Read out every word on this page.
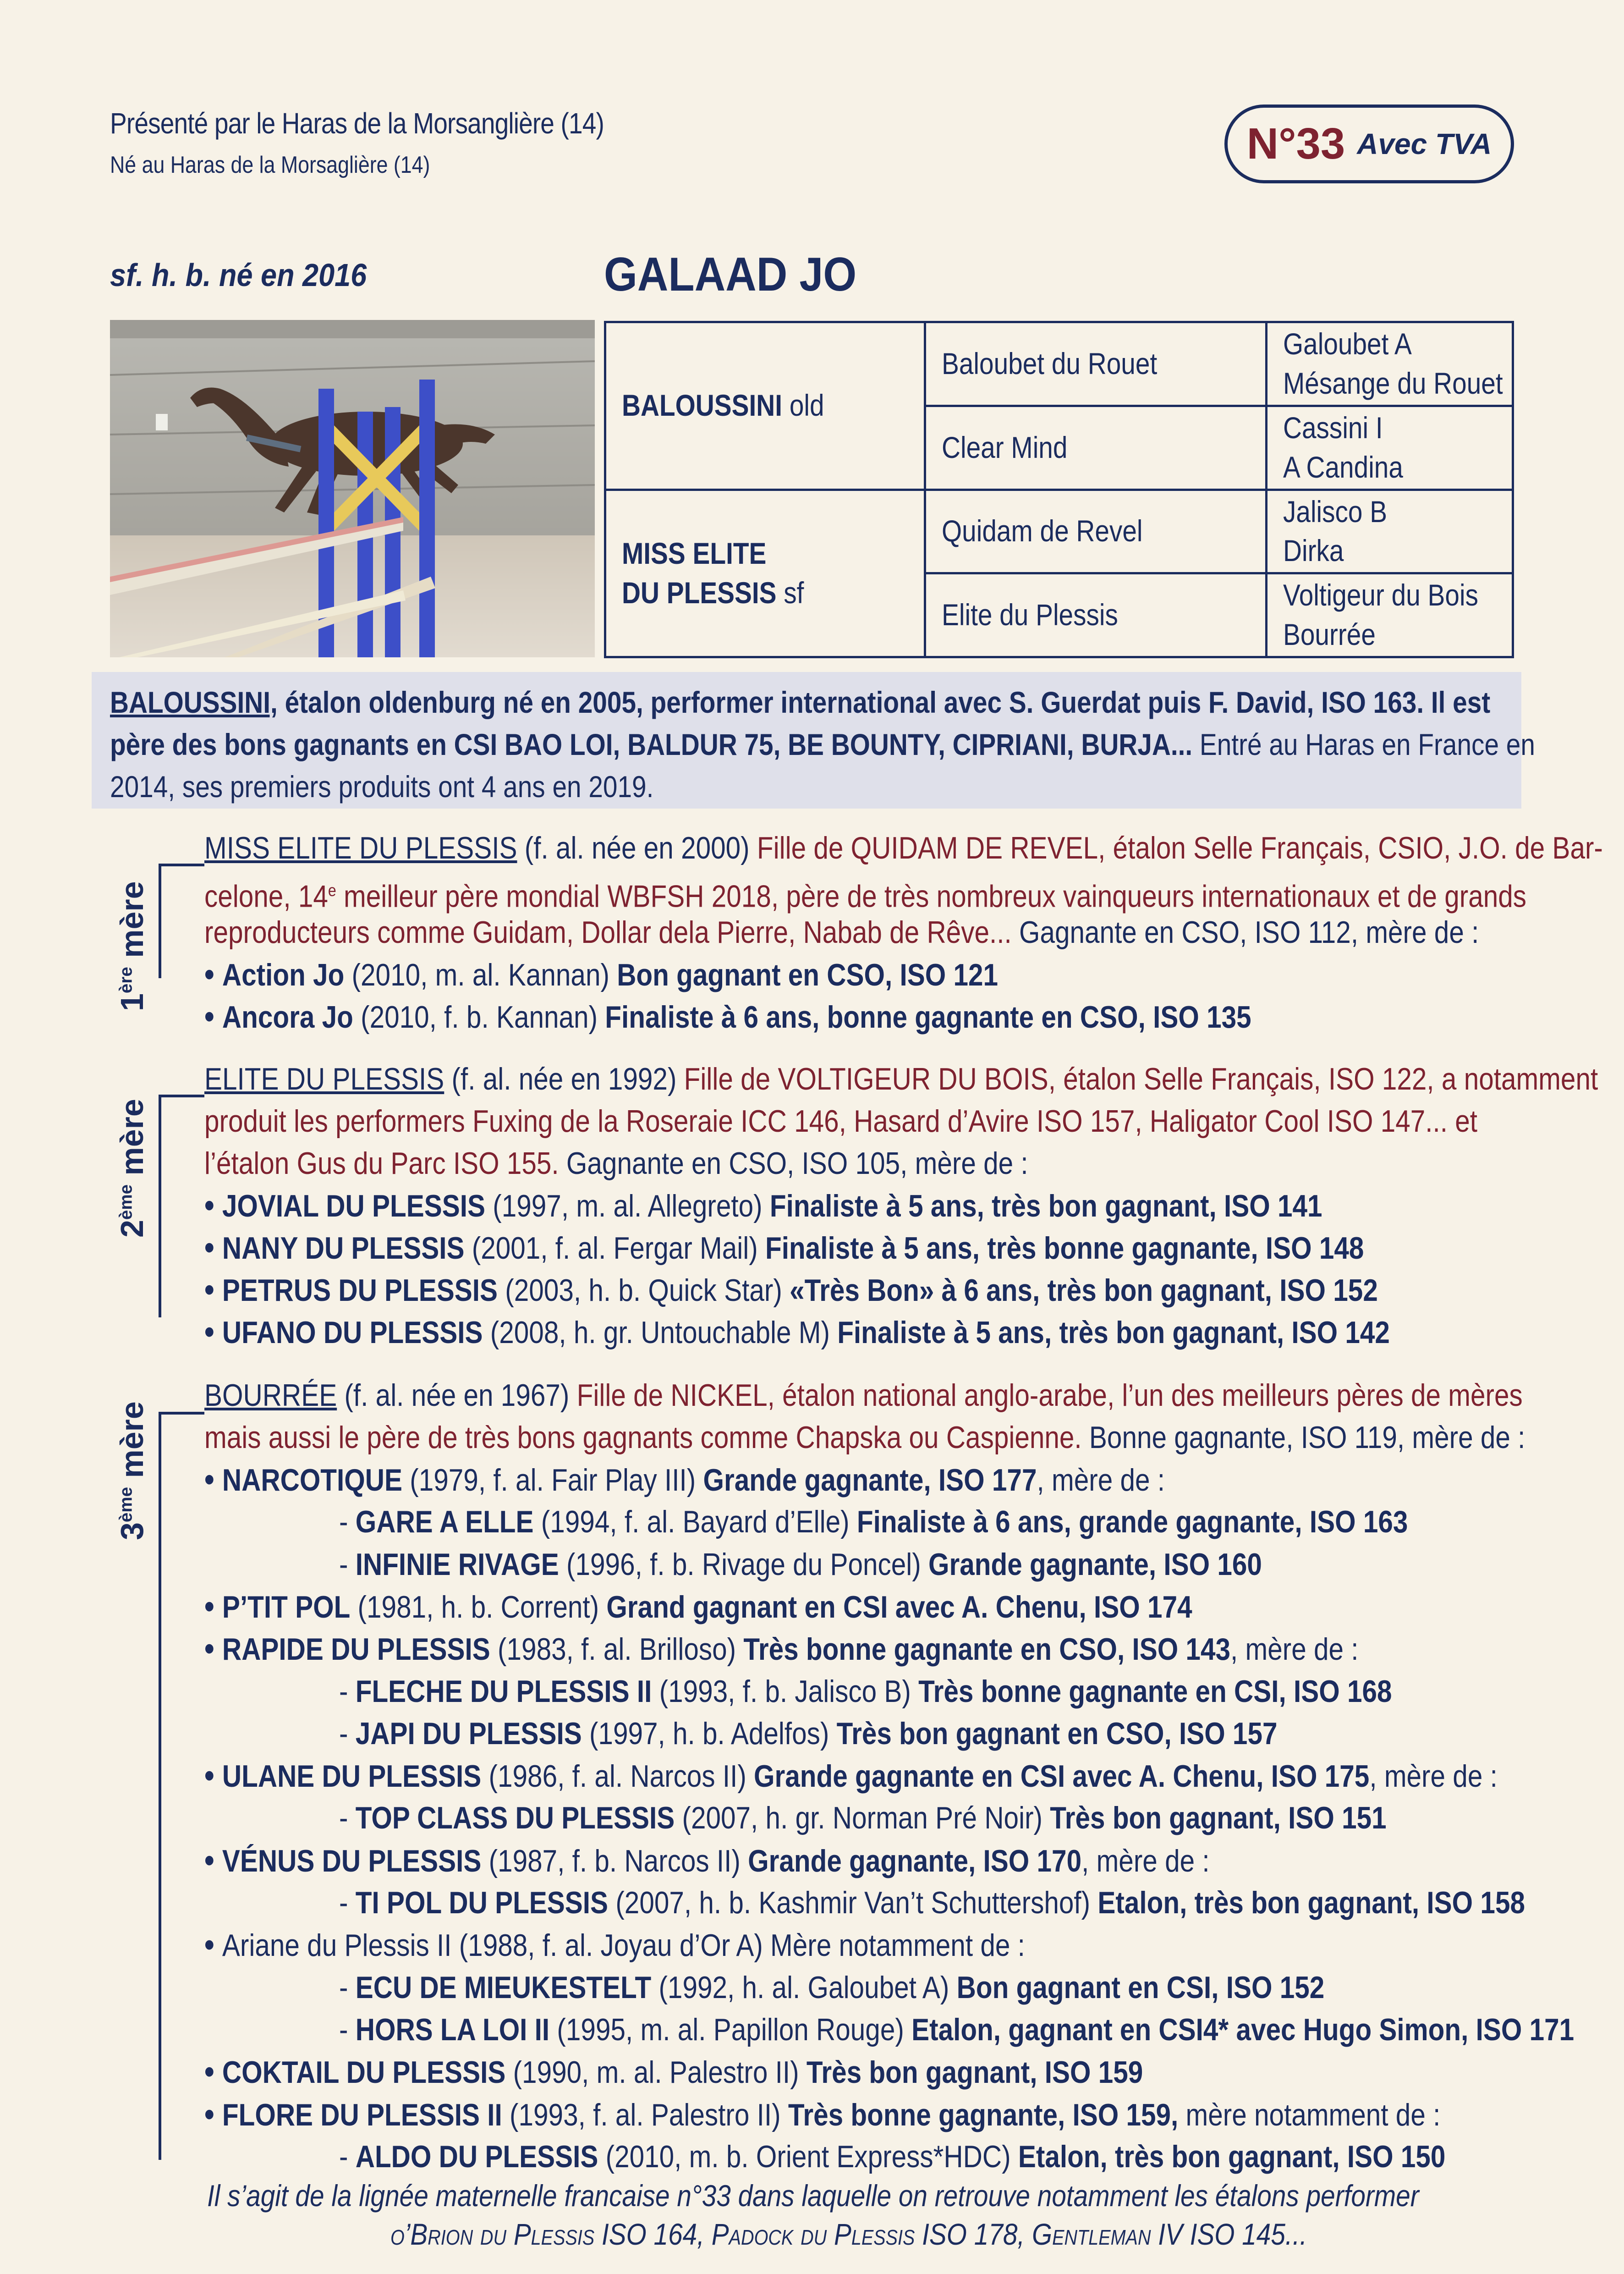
Présenté par le Haras de la Morsanglière (14)
Né au Haras de la Morsaglière (14)	N°33 Avec TVA
sf. h. b. né en 2016	GALAAD JO
BALOUSSINI old	Baloubet du Rouet	Galoubet A
Mésange du Rouet
	Clear Mind	Cassini I
A Candina
MISS ELITE
DU PLESSIS sf	Quidam de Revel	Jalisco B
Dirka
	Elite du Plessis	Voltigeur du Bois
Bourrée
BALOUSSINI, étalon oldenburg né en 2005, performer international avec S. Guerdat puis F. David, ISO 163. Il est
père des bons gagnants en CSI BAO LOI, BALDUR 75, BE BOUNTY, CIPRIANI, BURJA... Entré au Haras en France en
2014, ses premiers produits ont 4 ans en 2019.
1ère mère
MISS ELITE DU PLESSIS (f. al. née en 2000) Fille de QUIDAM DE REVEL, étalon Selle Français, CSIO, J.O. de Bar-
celone, 14e meilleur père mondial WBFSH 2018, père de très nombreux vainqueurs internationaux et de grands
reproducteurs comme Guidam, Dollar dela Pierre, Nabab de Rêve... Gagnante en CSO, ISO 112, mère de :
• Action Jo (2010, m. al. Kannan) Bon gagnant en CSO, ISO 121
• Ancora Jo (2010, f. b. Kannan) Finaliste à 6 ans, bonne gagnante en CSO, ISO 135
2ème mère
ELITE DU PLESSIS (f. al. née en 1992) Fille de VOLTIGEUR DU BOIS, étalon Selle Français, ISO 122, a notamment
produit les performers Fuxing de la Roseraie ICC 146, Hasard d’Avire ISO 157, Haligator Cool ISO 147... et
l’étalon Gus du Parc ISO 155. Gagnante en CSO, ISO 105, mère de :
• JOVIAL DU PLESSIS (1997, m. al. Allegreto) Finaliste à 5 ans, très bon gagnant, ISO 141
• NANY DU PLESSIS (2001, f. al. Fergar Mail) Finaliste à 5 ans, très bonne gagnante, ISO 148
• PETRUS DU PLESSIS (2003, h. b. Quick Star) «Très Bon» à 6 ans, très bon gagnant, ISO 152
• UFANO DU PLESSIS (2008, h. gr. Untouchable M) Finaliste à 5 ans, très bon gagnant, ISO 142
3ème mère
BOURRÉE (f. al. née en 1967) Fille de NICKEL, étalon national anglo-arabe, l’un des meilleurs pères de mères
mais aussi le père de très bons gagnants comme Chapska ou Caspienne. Bonne gagnante, ISO 119, mère de :
• NARCOTIQUE (1979, f. al. Fair Play III) Grande gagnante, ISO 177, mère de :
- GARE A ELLE (1994, f. al. Bayard d’Elle) Finaliste à 6 ans, grande gagnante, ISO 163
- INFINIE RIVAGE (1996, f. b. Rivage du Poncel) Grande gagnante, ISO 160
• P’TIT POL (1981, h. b. Corrent) Grand gagnant en CSI avec A. Chenu, ISO 174
• RAPIDE DU PLESSIS (1983, f. al. Brilloso) Très bonne gagnante en CSO, ISO 143, mère de :
- FLECHE DU PLESSIS II (1993, f. b. Jalisco B) Très bonne gagnante en CSI, ISO 168
- JAPI DU PLESSIS (1997, h. b. Adelfos) Très bon gagnant en CSO, ISO 157
• ULANE DU PLESSIS (1986, f. al. Narcos II) Grande gagnante en CSI avec A. Chenu, ISO 175, mère de :
- TOP CLASS DU PLESSIS (2007, h. gr. Norman Pré Noir) Très bon gagnant, ISO 151
• VÉNUS DU PLESSIS (1987, f. b. Narcos II) Grande gagnante, ISO 170, mère de :
- TI POL DU PLESSIS (2007, h. b. Kashmir Van’t Schuttershof) Etalon, très bon gagnant, ISO 158
• Ariane du Plessis II (1988, f. al. Joyau d’Or A) Mère notamment de :
- ECU DE MIEUKESTELT (1992, h. al. Galoubet A) Bon gagnant en CSI, ISO 152
- HORS LA LOI II (1995, m. al. Papillon Rouge) Etalon, gagnant en CSI4* avec Hugo Simon, ISO 171
• COKTAIL DU PLESSIS (1990, m. al. Palestro II) Très bon gagnant, ISO 159
• FLORE DU PLESSIS II (1993, f. al. Palestro II) Très bonne gagnante, ISO 159, mère notamment de :
- ALDO DU PLESSIS (2010, m. b. Orient Express*HDC) Etalon, très bon gagnant, ISO 150
Il s’agit de la lignée maternelle francaise n°33 dans laquelle on retrouve notamment les étalons performer
o’Brion du Plessis ISO 164, Padock du Plessis ISO 178, Gentleman IV ISO 145...
